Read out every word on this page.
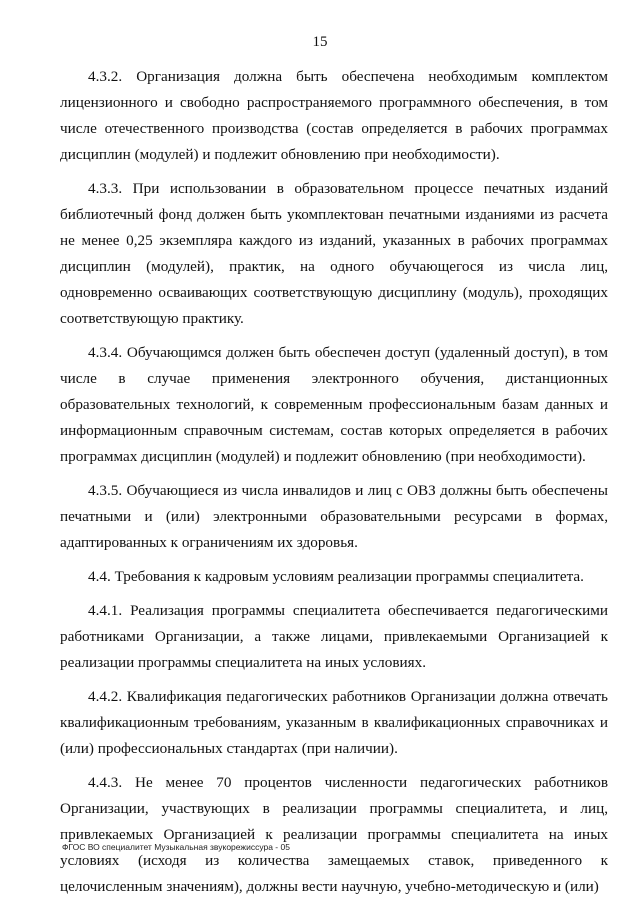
15

4.3.2. Организация должна быть обеспечена необходимым комплектом лицензионного и свободно распространяемого программного обеспечения, в том числе отечественного производства (состав определяется в рабочих программах дисциплин (модулей) и подлежит обновлению при необходимости).

4.3.3. При использовании в образовательном процессе печатных изданий библиотечный фонд должен быть укомплектован печатными изданиями из расчета не менее 0,25 экземпляра каждого из изданий, указанных в рабочих программах дисциплин (модулей), практик, на одного обучающегося из числа лиц, одновременно осваивающих соответствующую дисциплину (модуль), проходящих соответствующую практику.

4.3.4. Обучающимся должен быть обеспечен доступ (удаленный доступ), в том числе в случае применения электронного обучения, дистанционных образовательных технологий, к современным профессиональным базам данных и информационным справочным системам, состав которых определяется в рабочих программах дисциплин (модулей) и подлежит обновлению (при необходимости).

4.3.5. Обучающиеся из числа инвалидов и лиц с ОВЗ должны быть обеспечены печатными и (или) электронными образовательными ресурсами в формах, адаптированных к ограничениям их здоровья.

4.4. Требования к кадровым условиям реализации программы специалитета.

4.4.1. Реализация программы специалитета обеспечивается педагогическими работниками Организации, а также лицами, привлекаемыми Организацией к реализации программы специалитета на иных условиях.

4.4.2. Квалификация педагогических работников Организации должна отвечать квалификационным требованиям, указанным в квалификационных справочниках и (или) профессиональных стандартах (при наличии).

4.4.3. Не менее 70 процентов численности педагогических работников Организации, участвующих в реализации программы специалитета, и лиц, привлекаемых Организацией к реализации программы специалитета на иных условиях (исходя из количества замещаемых ставок, приведенного к целочисленным значениям), должны вести научную, учебно-методическую и (или)

ФГОС ВО специалитет Музыкальная звукорежиссура - 05
